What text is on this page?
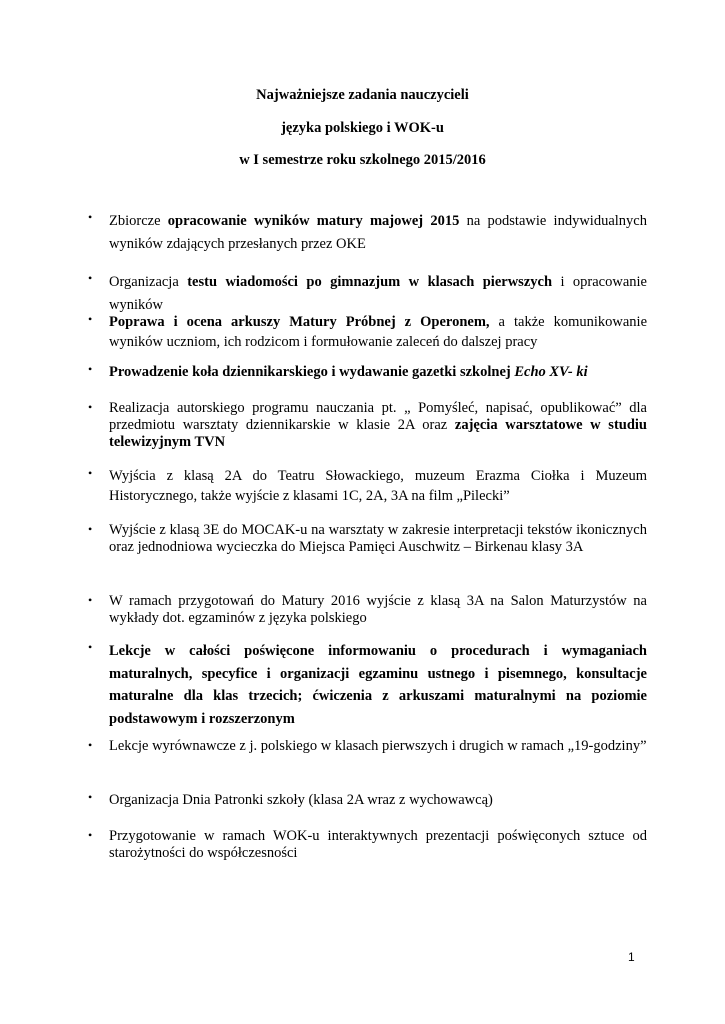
Najważniejsze zadania nauczycieli
języka polskiego i WOK-u
w I semestrze roku szkolnego 2015/2016
• Zbiorcze opracowanie wyników matury majowej 2015 na podstawie indywidualnych wyników zdających przesłanych przez OKE
• Organizacja testu wiadomości po gimnazjum w klasach pierwszych i opracowanie wyników
• Poprawa i ocena arkuszy Matury Próbnej z Operonem, a także komunikowanie wyników uczniom, ich rodzicom i formułowanie zaleceń do dalszej pracy
• Prowadzenie koła dziennikarskiego i wydawanie gazetki szkolnej Echo XV- ki
• Realizacja autorskiego programu nauczania pt. „ Pomyśleć, napisać, opublikować” dla przedmiotu warsztaty dziennikarskie w klasie 2A oraz zajęcia warsztatowe w studiu telewizyjnym TVN
• Wyjścia z klasą 2A do Teatru Słowackiego, muzeum Erazma Ciołka i Muzeum Historycznego, także wyjście z klasami 1C, 2A, 3A na film „Pilecki”
• Wyjście z klasą 3E do MOCAK-u na warsztaty w zakresie interpretacji tekstów ikonicznych oraz jednodniowa wycieczka do Miejsca Pamięci Auschwitz – Birkenau klasy 3A
• W ramach przygotowań do Matury 2016 wyjście z klasą 3A na Salon Maturzystów na wykłady dot. egzaminów z języka polskiego
• Lekcje w całości poświęcone informowaniu o procedurach i wymaganiach maturalnych, specyfice i organizacji egzaminu ustnego i pisemnego, konsultacje maturalne dla klas trzecich; ćwiczenia z arkuszami maturalnymi na poziomie podstawowym i rozszerzonym
• Lekcje wyrównawcze z j. polskiego w klasach pierwszych i drugich w ramach „19-godziny”
• Organizacja Dnia Patronki szkoły (klasa 2A wraz z wychowawcą)
• Przygotowanie w ramach WOK-u interaktywnych prezentacji poświęconych sztuce od starożytności do współczesności
1
